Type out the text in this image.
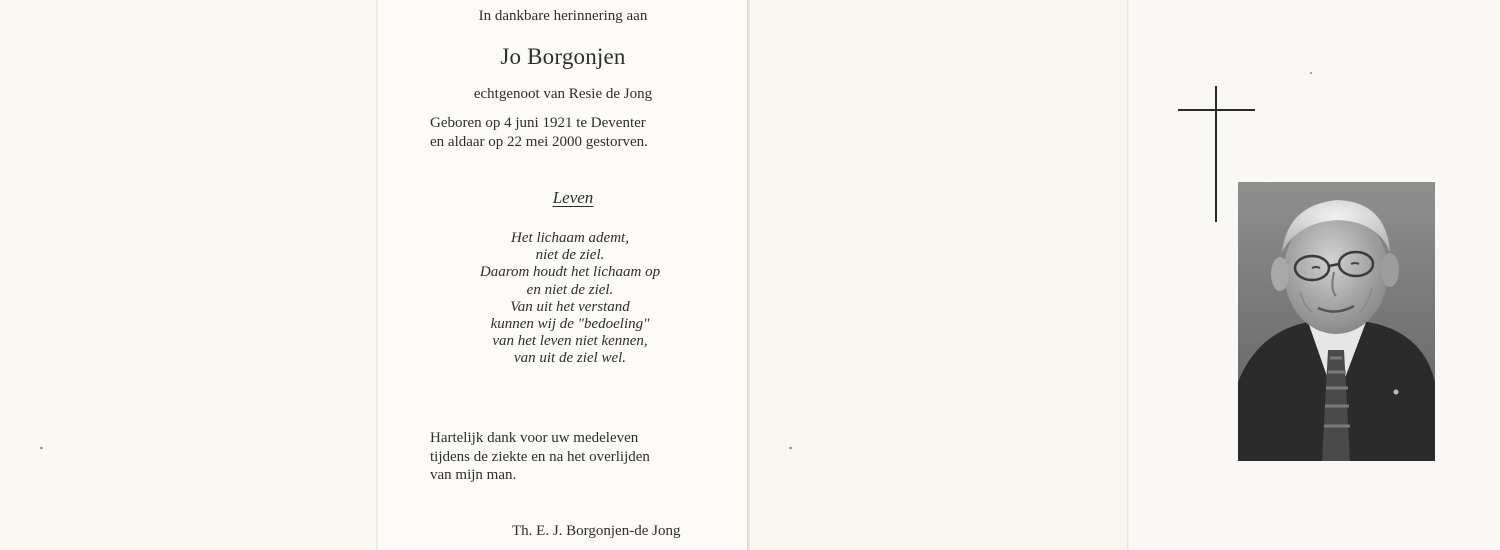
In dankbare herinnering aan
Jo Borgonjen
echtgenoot van Resie de Jong
Geboren op 4 juni 1921 te Deventer
en aldaar op 22 mei 2000 gestorven.
Leven
Het lichaam ademt,
niet de ziel.
Daarom houdt het lichaam op
en niet de ziel.
Van uit het verstand
kunnen wij de "bedoeling"
van het leven niet kennen,
van uit de ziel wel.
Hartelijk dank voor uw medeleven
tijdens de ziekte en na het overlijden
van mijn man.
Th. E. J. Borgonjen-de Jong
